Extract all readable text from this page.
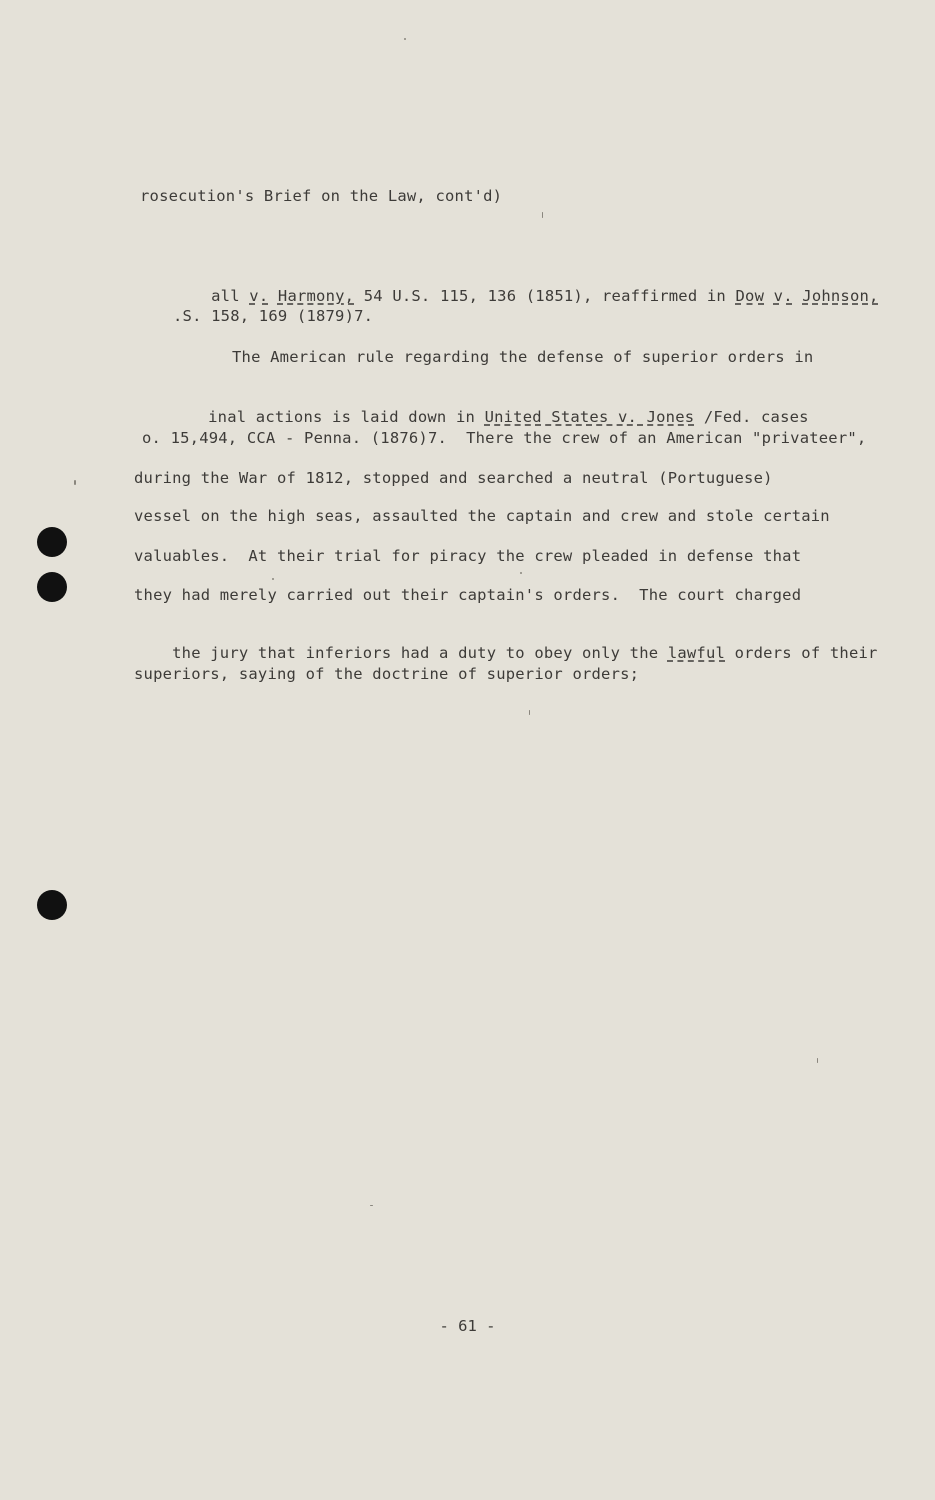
rosecution's Brief on the Law, cont'd)

all v. Harmony, 54 U.S. 115, 136 (1851), reaffirmed in Dow v. Johnson,

.S. 158, 169 (1879)7.
The American rule regarding the defense of superior orders in

inal actions is laid down in United States v. Jones /Fed. cases

o. 15,494, CCA - Penna. (1876)7.  There the crew of an American "privateer",
during the War of 1812, stopped and searched a neutral (Portuguese)
vessel on the high seas, assaulted the captain and crew and stole certain
valuables.  At their trial for piracy the crew pleaded in defense that
they had merely carried out their captain's orders.  The court charged

the jury that inferiors had a duty to obey only the lawful orders of their

superiors, saying of the doctrine of superior orders;
- 61 -
